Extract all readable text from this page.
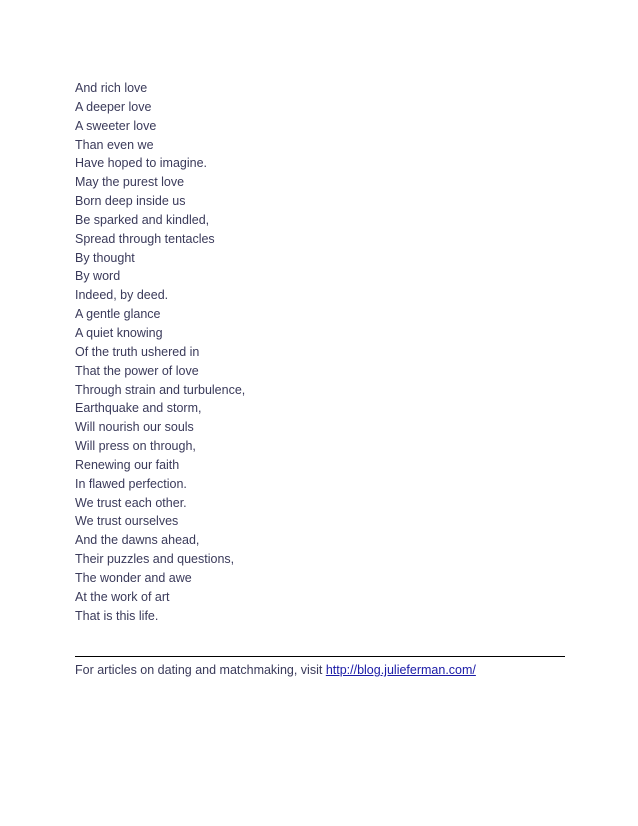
And rich love
A deeper love
A sweeter love
Than even we
Have hoped to imagine.
May the purest love
Born deep inside us
Be sparked and kindled,
Spread through tentacles
By thought
By word
Indeed, by deed.
A gentle glance
A quiet knowing
Of the truth ushered in
That the power of love
Through strain and turbulence,
Earthquake and storm,
Will nourish our souls
Will press on through,
Renewing our faith
In flawed perfection.
We trust each other.
We trust ourselves
And the dawns ahead,
Their puzzles and questions,
The wonder and awe
At the work of art
That is this life.
For articles on dating and matchmaking, visit http://blog.julieferman.com/
